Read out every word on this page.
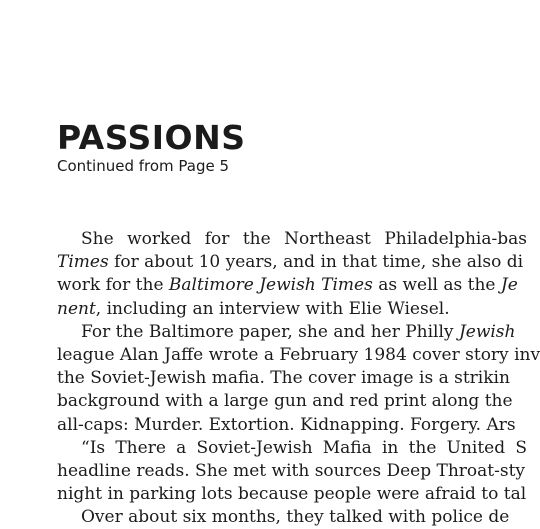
PASSIONS
Continued from Page 5
She worked for the Northeast Philadelphia-bas
Times for about 10 years, and in that time, she also di
work for the Baltimore Jewish Times as well as the Je
nent, including an interview with Elie Wiesel.
For the Baltimore paper, she and her Philly Jewish
league Alan Jaffe wrote a February 1984 cover story inv
the Soviet-Jewish mafia. The cover image is a strikin
background with a large gun and red print along the
all-caps: Murder. Extortion. Kidnapping. Forgery. Ars
“Is There a Soviet-Jewish Mafia in the United S
headline reads. She met with sources Deep Throat-sty
night in parking lots because people were afraid to tal
Over about six months, they talked with police de
